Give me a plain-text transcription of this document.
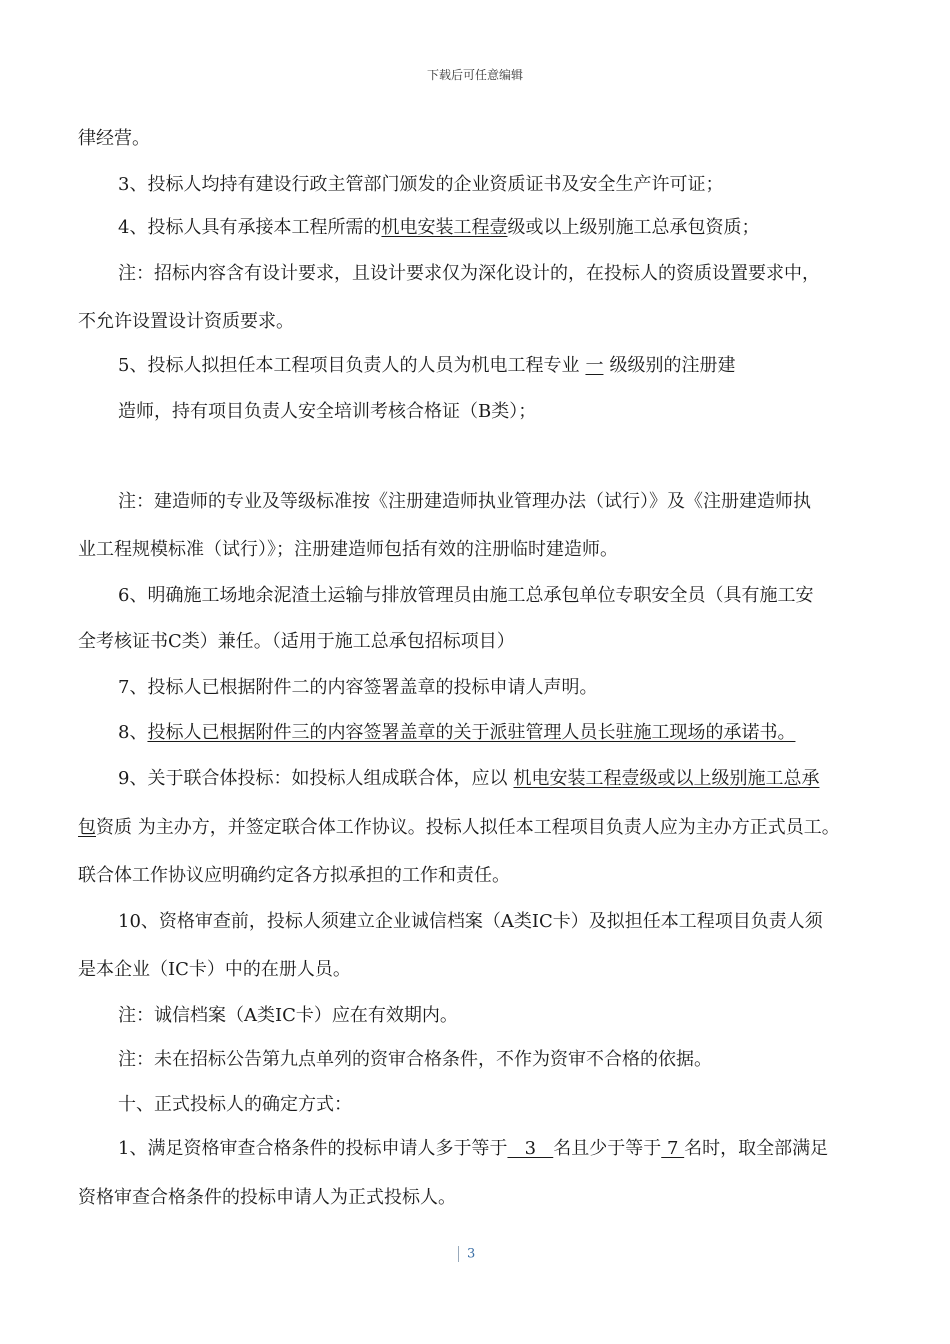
下载后可任意编辑
律经营。
3、投标人均持有建设行政主管部门颁发的企业资质证书及安全生产许可证；
4、投标人具有承接本工程所需的机电安装工程壹级或以上级别施工总承包资质；
注：招标内容含有设计要求，且设计要求仅为深化设计的，在投标人的资质设置要求中，
不允许设置设计资质要求。
5、投标人拟担任本工程项目负责人的人员为机电工程专业 一 级级别的注册建
造师，持有项目负责人安全培训考核合格证（B类）；
注：建造师的专业及等级标准按《注册建造师执业管理办法（试行）》及《注册建造师执
业工程规模标准（试行）》；注册建造师包括有效的注册临时建造师。
6、明确施工场地余泥渣土运输与排放管理员由施工总承包单位专职安全员（具有施工安
全考核证书C类）兼任。（适用于施工总承包招标项目）
7、投标人已根据附件二的内容签署盖章的投标申请人声明。
8、投标人已根据附件三的内容签署盖章的关于派驻管理人员长驻施工现场的承诺书。
9、关于联合体投标：如投标人组成联合体，应以 机电安装工程壹级或以上级别施工总承
包资质 为主办方，并签定联合体工作协议。投标人拟任本工程项目负责人应为主办方正式员工。
联合体工作协议应明确约定各方拟承担的工作和责任。
10、资格审查前，投标人须建立企业诚信档案（A类IC卡）及拟担任本工程项目负责人须
是本企业（IC卡）中的在册人员。
注：诚信档案（A类IC卡）应在有效期内。
注：未在招标公告第九点单列的资审合格条件，不作为资审不合格的依据。
十、正式投标人的确定方式：
1、满足资格审查合格条件的投标申请人多于等于   3   名且少于等于 7 名时，取全部满足
资格审查合格条件的投标申请人为正式投标人。
3
